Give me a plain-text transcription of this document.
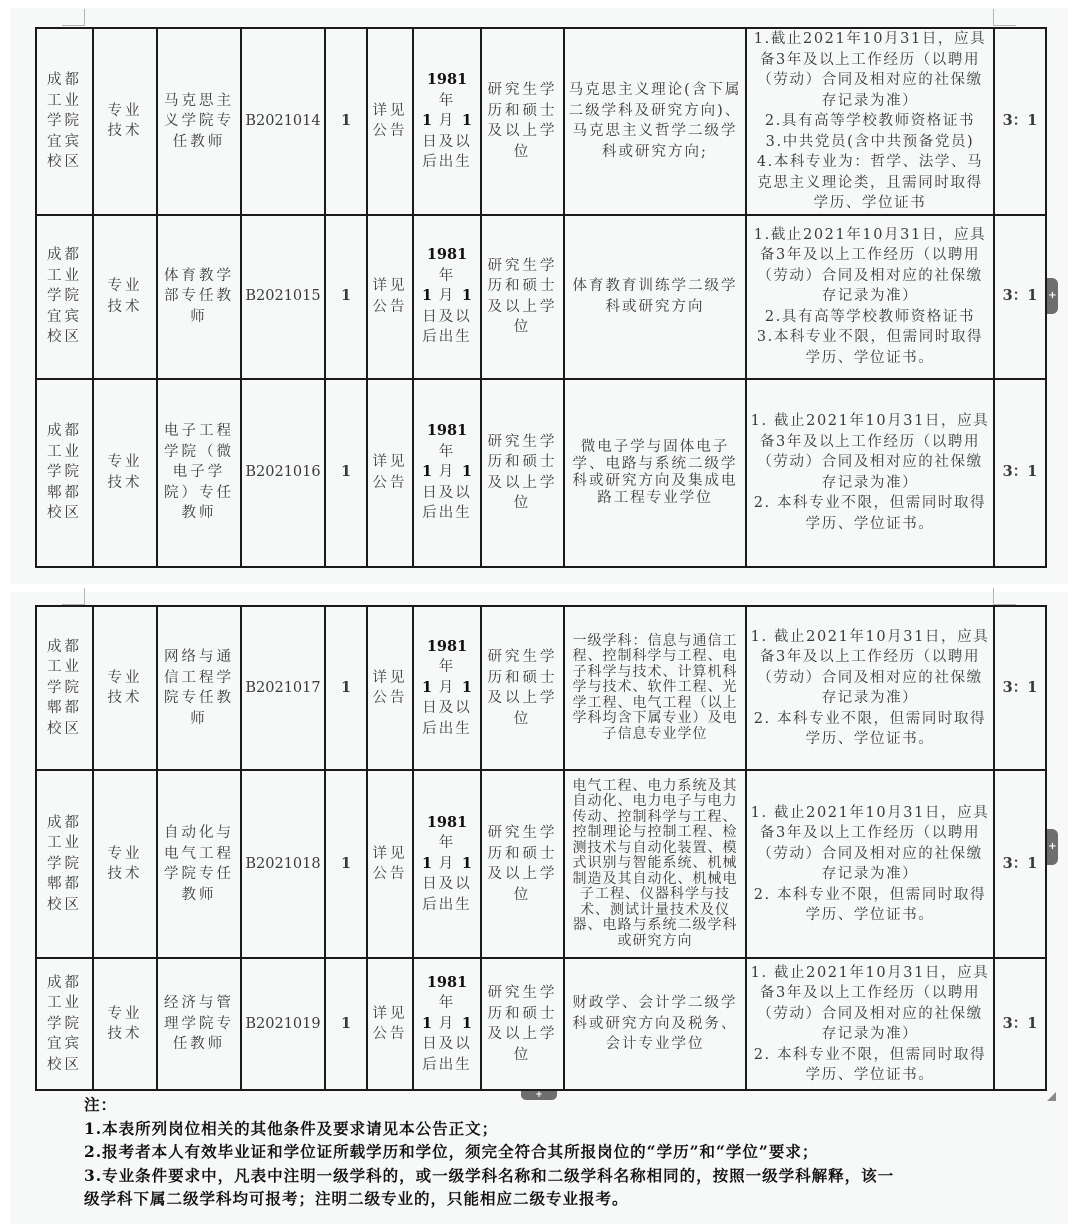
成都
工业
学院
宜宾
校区	专业
技术	马克思主
义学院专
任教师	B2021014	1	详见
公告	1981 年
1 月 1
日及以
后出生	研究生学
历和硕士
及以上学
位	马克思主义理论(含下属二级学科及研究方向)、马克思主义哲学二级学科或研究方向;	1.截止2021年10月31日，应具备3年及以上工作经历（以聘用（劳动）合同及相对应的社保缴存记录为准）
2.具有高等学校教师资格证书
3.中共党员(含中共预备党员)
4.本科专业为：哲学、法学、马克思主义理论类，且需同时取得学历、学位证书	3：1

成都
工业
学院
宜宾
校区	专业
技术	体育教学
部专任教
师	B2021015	1	详见
公告	1981 年
1 月 1
日及以
后出生	研究生学
历和硕士
及以上学
位	体育教育训练学二级学科或研究方向	1.截止2021年10月31日，应具备3年及以上工作经历（以聘用（劳动）合同及相对应的社保缴存记录为准）
2.具有高等学校教师资格证书
3.本科专业不限，但需同时取得学历、学位证书。	3：1

成都
工业
学院
郫都
校区	专业
技术	电子工程
学院（微
电子学
院）专任
教师	B2021016	1	详见
公告	1981 年
1 月 1
日及以
后出生	研究生学
历和硕士
及以上学
位	微电子学与固体电子学、电路与系统二级学科或研究方向及集成电路工程专业学位	1. 截止2021年10月31日，应具备3年及以上工作经历（以聘用（劳动）合同及相对应的社保缴存记录为准）
2. 本科专业不限，但需同时取得学历、学位证书。	3：1
成都
工业
学院
郫都
校区	专业
技术	网络与通
信工程学
院专任教
师	B2021017	1	详见
公告	1981 年
1 月 1
日及以
后出生	研究生学
历和硕士
及以上学
位	一级学科：信息与通信工程、控制科学与工程、电子科学与技术、计算机科学与技术、软件工程、光学工程、电气工程（以上学科均含下属专业）及电子信息专业学位	1. 截止2021年10月31日，应具备3年及以上工作经历（以聘用（劳动）合同及相对应的社保缴存记录为准）
2. 本科专业不限，但需同时取得学历、学位证书。	3：1

成都
工业
学院
郫都
校区	专业
技术	自动化与
电气工程
学院专任
教师	B2021018	1	详见
公告	1981 年
1 月 1
日及以
后出生	研究生学
历和硕士
及以上学
位	电气工程、电力系统及其自动化、电力电子与电力传动、控制科学与工程、控制理论与控制工程、检测技术与自动化装置、模式识别与智能系统、机械制造及其自动化、机械电子工程、仪器科学与技术、测试计量技术及仪器、电路与系统二级学科或研究方向	1. 截止2021年10月31日，应具备3年及以上工作经历（以聘用（劳动）合同及相对应的社保缴存记录为准）
2. 本科专业不限，但需同时取得学历、学位证书。	3：1

成都
工业
学院
宜宾
校区	专业
技术	经济与管
理学院专
任教师	B2021019	1	详见
公告	1981 年
1 月 1
日及以
后出生	研究生学
历和硕士
及以上学
位	财政学、会计学二级学科或研究方向及税务、会计专业学位	1. 截止2021年10月31日，应具备3年及以上工作经历（以聘用（劳动）合同及相对应的社保缴存记录为准）
2. 本科专业不限，但需同时取得学历、学位证书。	3：1
+
+
+
注：
1.本表所列岗位相关的其他条件及要求请见本公告正文；
2.报考者本人有效毕业证和学位证所载学历和学位，须完全符合其所报岗位的“学历”和“学位”要求；
3.专业条件要求中，凡表中注明一级学科的，或一级学科名称和二级学科名称相同的，按照一级学科解释，该一
级学科下属二级学科均可报考；注明二级专业的，只能相应二级专业报考。
